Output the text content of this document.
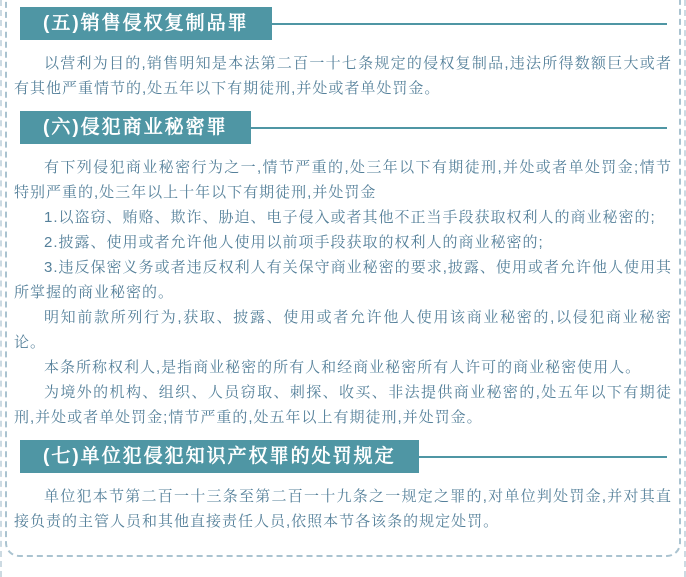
(五)销售侵权复制品罪

以营利为目的,销售明知是本法第二百一十七条规定的侵权复制品,违法所得数额巨大或者有其他严重情节的,处五年以下有期徒刑,并处或者单处罚金。

(六)侵犯商业秘密罪

有下列侵犯商业秘密行为之一,情节严重的,处三年以下有期徒刑,并处或者单处罚金;情节特别严重的,处三年以上十年以下有期徒刑,并处罚金

1.以盗窃、贿赂、欺诈、胁迫、电子侵入或者其他不正当手段获取权利人的商业秘密的;

2.披露、使用或者允许他人使用以前项手段获取的权利人的商业秘密的;

3.违反保密义务或者违反权利人有关保守商业秘密的要求,披露、使用或者允许他人使用其所掌握的商业秘密的。

明知前款所列行为,获取、披露、使用或者允许他人使用该商业秘密的,以侵犯商业秘密论。

本条所称权利人,是指商业秘密的所有人和经商业秘密所有人许可的商业秘密使用人。

为境外的机构、组织、人员窃取、刺探、收买、非法提供商业秘密的,处五年以下有期徒刑,并处或者单处罚金;情节严重的,处五年以上有期徒刑,并处罚金。

(七)单位犯侵犯知识产权罪的处罚规定

单位犯本节第二百一十三条至第二百一十九条之一规定之罪的,对单位判处罚金,并对其直接负责的主管人员和其他直接责任人员,依照本节各该条的规定处罚。
